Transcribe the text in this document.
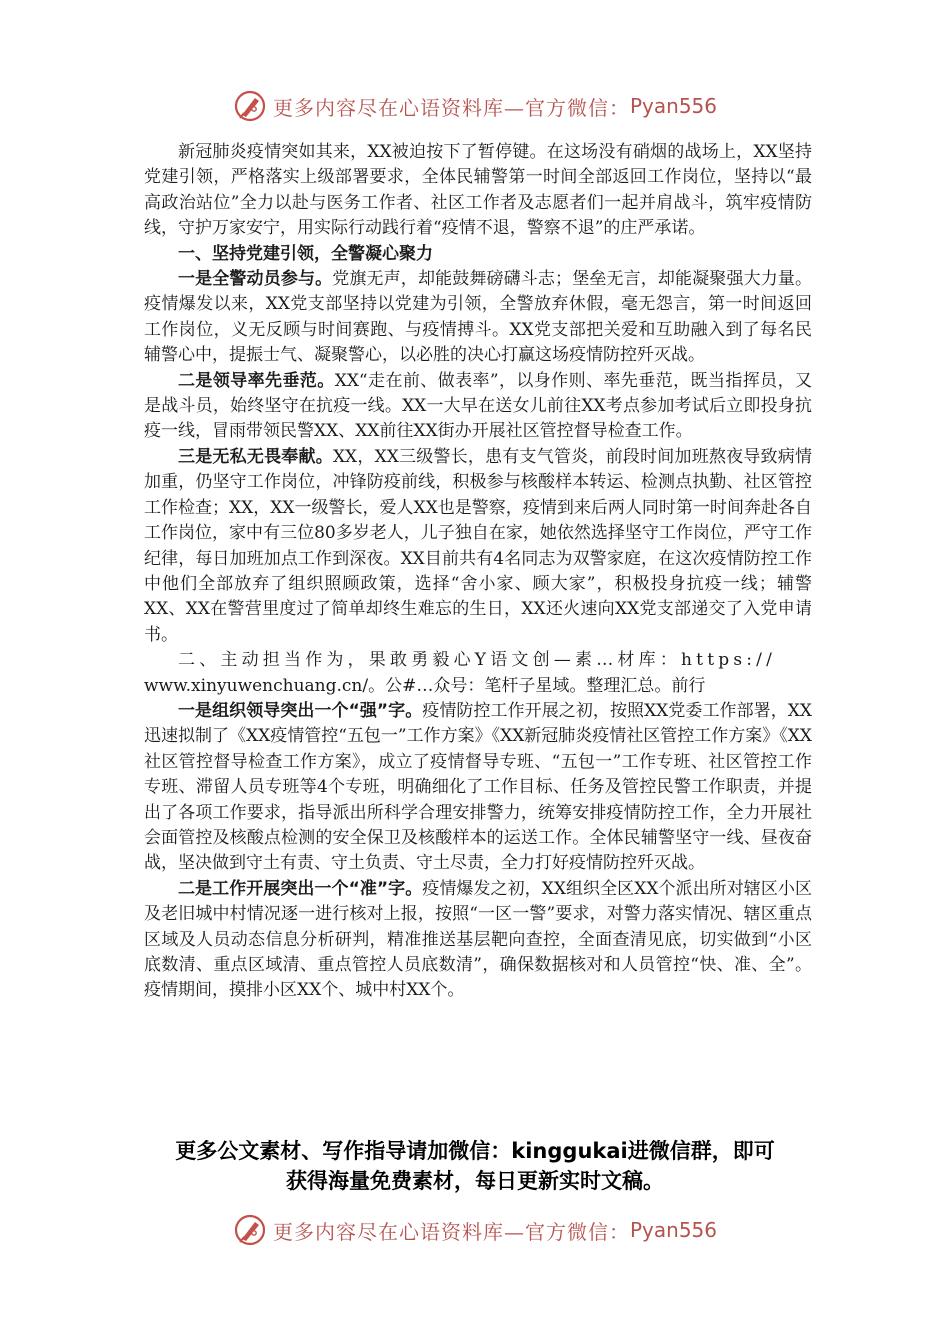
更多内容尽在心语资料库—官方微信： Pyan556

新冠肺炎疫情突如其来，XX被迫按下了暂停键。在这场没有硝烟的战场上，XX坚持党建引领，严格落实上级部署要求，全体民辅警第一时间全部返回工作岗位，坚持以“最高政治站位”全力以赴与医务工作者、社区工作者及志愿者们一起并肩战斗，筑牢疫情防线，守护万家安宁，用实际行动践行着“疫情不退，警察不退”的庄严承诺。

一、坚持党建引领，全警凝心聚力

一是全警动员参与。党旗无声，却能鼓舞磅礴斗志；堡垒无言，却能凝聚强大力量。疫情爆发以来，XX党支部坚持以党建为引领，全警放弃休假，毫无怨言，第一时间返回工作岗位，义无反顾与时间赛跑、与疫情搏斗。XX党支部把关爱和互助融入到了每名民辅警心中，提振士气、凝聚警心，以必胜的决心打赢这场疫情防控歼灭战。

二是领导率先垂范。XX“走在前、做表率”，以身作则、率先垂范，既当指挥员，又是战斗员，始终坚守在抗疫一线。XX一大早在送女儿前往XX考点参加考试后立即投身抗疫一线，冒雨带领民警XX、XX前往XX街办开展社区管控督导检查工作。

三是无私无畏奉献。XX，XX三级警长，患有支气管炎，前段时间加班熬夜导致病情加重，仍坚守工作岗位，冲锋防疫前线，积极参与核酸样本转运、检测点执勤、社区管控工作检查；XX，XX一级警长，爱人XX也是警察，疫情到来后两人同时第一时间奔赴各自工作岗位，家中有三位80多岁老人，儿子独自在家，她依然选择坚守工作岗位，严守工作纪律，每日加班加点工作到深夜。XX目前共有4名同志为双警家庭，在这次疫情防控工作中他们全部放弃了组织照顾政策，选择“舍小家、顾大家”，积极投身抗疫一线；辅警XX、XX在警营里度过了简单却终生难忘的生日，XX还火速向XX党支部递交了入党申请书。

二、主动担当作为，果敢勇毅心Y语文创—素…材库：https://

www.xinyuwenchuang.cn/。公#…众号：笔杆子星域。整理汇总。前行

一是组织领导突出一个“强”字。疫情防控工作开展之初，按照XX党委工作部署，XX迅速拟制了《XX疫情管控“五包一”工作方案》《XX新冠肺炎疫情社区管控工作方案》《XX社区管控督导检查工作方案》，成立了疫情督导专班、“五包一”工作专班、社区管控工作专班、滞留人员专班等4个专班，明确细化了工作目标、任务及管控民警工作职责，并提出了各项工作要求，指导派出所科学合理安排警力，统筹安排疫情防控工作，全力开展社会面管控及核酸点检测的安全保卫及核酸样本的运送工作。全体民辅警坚守一线、昼夜奋战，坚决做到守土有责、守土负责、守土尽责，全力打好疫情防控歼灭战。

二是工作开展突出一个“准”字。疫情爆发之初，XX组织全区XX个派出所对辖区小区及老旧城中村情况逐一进行核对上报，按照“一区一警”要求，对警力落实情况、辖区重点区域及人员动态信息分析研判，精准推送基层靶向查控，全面查清见底，切实做到“小区底数清、重点区域清、重点管控人员底数清”，确保数据核对和人员管控“快、准、全”。疫情期间，摸排小区XX个、城中村XX个。

更多公文素材、写作指导请加微信：kinggukai进微信群，即可
获得海量免费素材，每日更新实时文稿。
更多内容尽在心语资料库—官方微信： Pyan556
